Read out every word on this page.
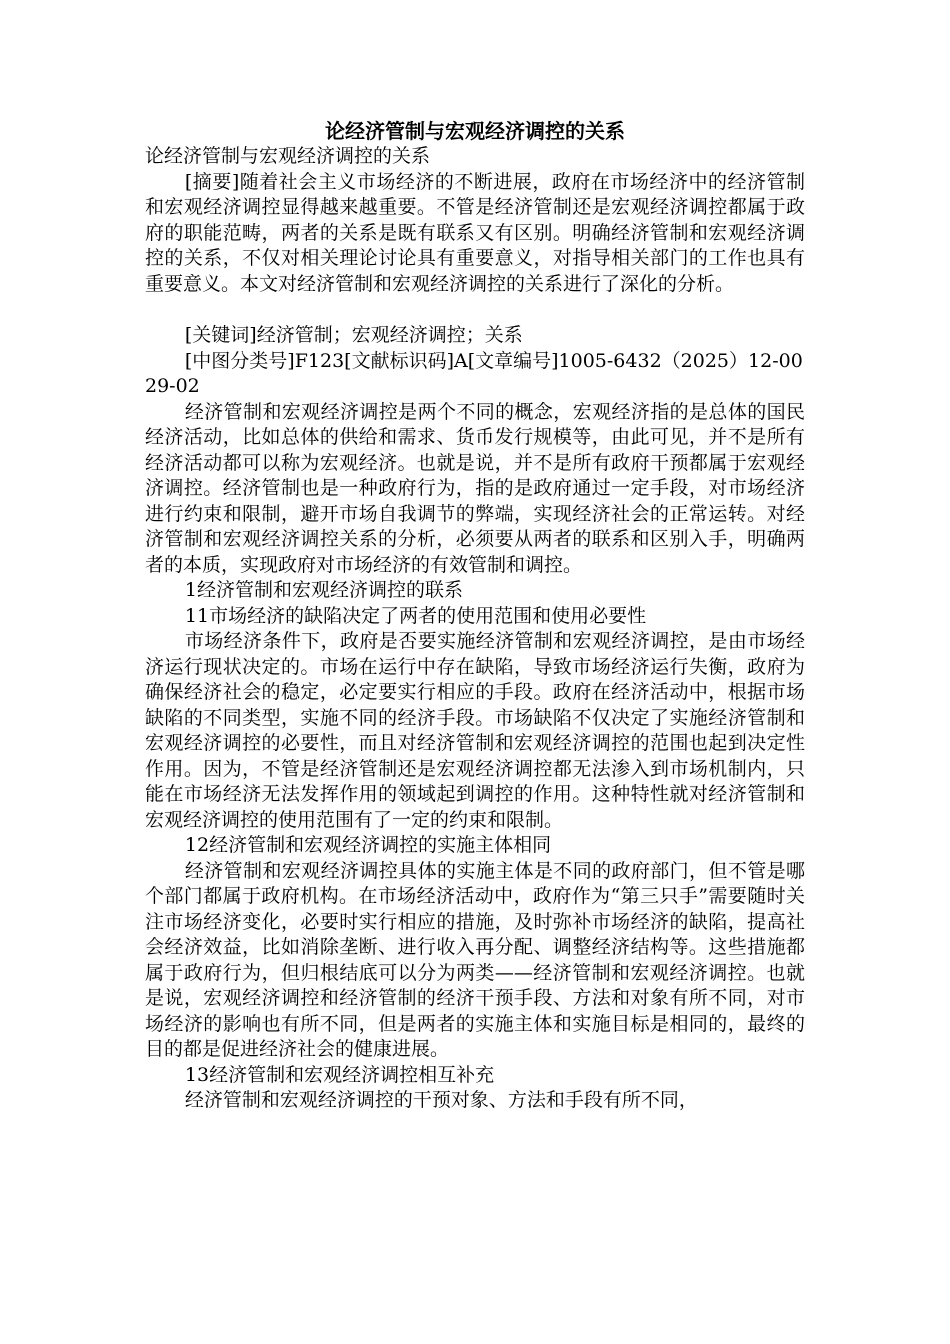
论经济管制与宏观经济调控的关系

论经济管制与宏观经济调控的关系

[摘要]随着社会主义市场经济的不断进展，政府在市场经济中的经济管制和宏观经济调控显得越来越重要。不管是经济管制还是宏观经济调控都属于政府的职能范畴，两者的关系是既有联系又有区别。明确经济管制和宏观经济调控的关系，不仅对相关理论讨论具有重要意义，对指导相关部门的工作也具有重要意义。本文对经济管制和宏观经济调控的关系进行了深化的分析。

[关键词]经济管制；宏观经济调控；关系

[中图分类号]F123[文献标识码]A[文章编号]1005-6432（2025）12-0029-02

经济管制和宏观经济调控是两个不同的概念，宏观经济指的是总体的国民经济活动，比如总体的供给和需求、货币发行规模等，由此可见，并不是所有经济活动都可以称为宏观经济。也就是说，并不是所有政府干预都属于宏观经济调控。经济管制也是一种政府行为，指的是政府通过一定手段，对市场经济进行约束和限制，避开市场自我调节的弊端，实现经济社会的正常运转。对经济管制和宏观经济调控关系的分析，必须要从两者的联系和区别入手，明确两者的本质，实现政府对市场经济的有效管制和调控。

1经济管制和宏观经济调控的联系

11市场经济的缺陷决定了两者的使用范围和使用必要性

市场经济条件下，政府是否要实施经济管制和宏观经济调控，是由市场经济运行现状决定的。市场在运行中存在缺陷，导致市场经济运行失衡，政府为确保经济社会的稳定，必定要实行相应的手段。政府在经济活动中，根据市场缺陷的不同类型，实施不同的经济手段。市场缺陷不仅决定了实施经济管制和宏观经济调控的必要性，而且对经济管制和宏观经济调控的范围也起到决定性作用。因为，不管是经济管制还是宏观经济调控都无法渗入到市场机制内，只能在市场经济无法发挥作用的领域起到调控的作用。这种特性就对经济管制和宏观经济调控的使用范围有了一定的约束和限制。

12经济管制和宏观经济调控的实施主体相同

经济管制和宏观经济调控具体的实施主体是不同的政府部门，但不管是哪个部门都属于政府机构。在市场经济活动中，政府作为“第三只手”需要随时关注市场经济变化，必要时实行相应的措施，及时弥补市场经济的缺陷，提高社会经济效益，比如消除垄断、进行收入再分配、调整经济结构等。这些措施都属于政府行为，但归根结底可以分为两类——经济管制和宏观经济调控。也就是说，宏观经济调控和经济管制的经济干预手段、方法和对象有所不同，对市场经济的影响也有所不同，但是两者的实施主体和实施目标是相同的，最终的目的都是促进经济社会的健康进展。

13经济管制和宏观经济调控相互补充

经济管制和宏观经济调控的干预对象、方法和手段有所不同，
